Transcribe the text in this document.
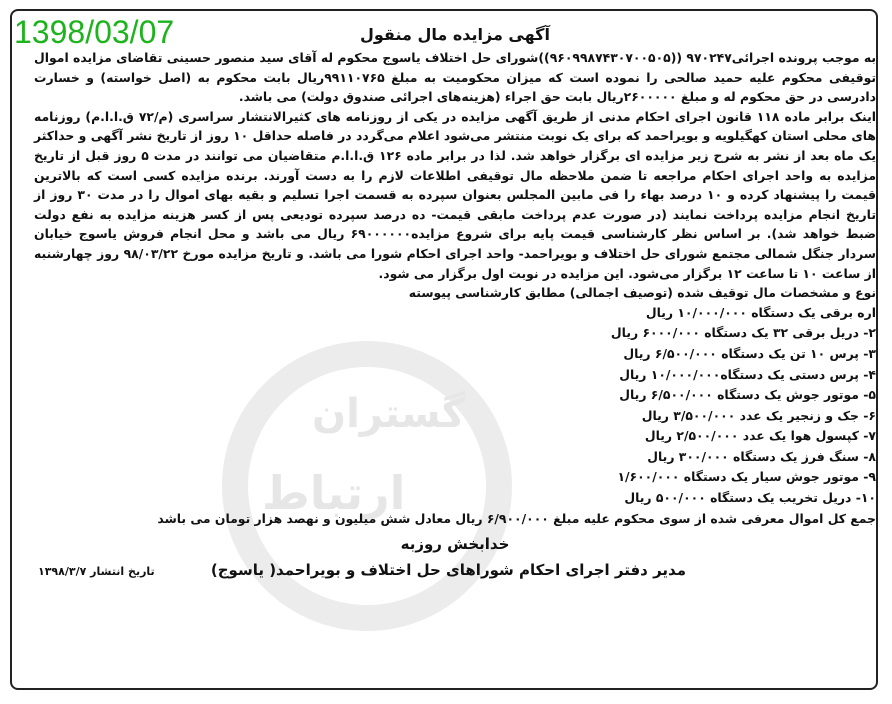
گستران
ارتباط
آگهی مزایده مال منقول
به موجب پرونده اجرائی۹۷۰۲۴۷ ((۹۶۰۹۹۸۷۴۳۰۷۰۰۵۰۵))شورای حل اختلاف یاسوج محکوم له آقای سید منصور حسینی تقاضای مزایده اموال توقیفی محکوم علیه حمید صالحی را نموده است که میزان محکومیت به مبلغ ۹۹۱۱۰۷۶۵ریال بابت محکوم به (اصل خواسته) و خسارت دادرسی در حق محکوم له و مبلغ ۲۶۰۰۰۰۰ریال بابت حق اجراء (هزینه‌های اجرائی صندوق دولت) می باشد.
اینک برابر ماده ۱۱۸ قانون اجرای احکام مدنی از طریق آگهی مزایده در یکی از روزنامه های کثیرالانتشار سراسری (م/۷۲ ق.ا.ا.م) روزنامه های محلی استان کهگیلویه و بویراحمد که برای یک نوبت منتشر می‌شود اعلام می‌گردد در فاصله حداقل ۱۰ روز از تاریخ نشر آگهی و حداکثر یک ماه بعد از نشر به شرح زیر مزایده ای برگزار خواهد شد. لذا در برابر ماده ۱۲۶ ق.ا.ا.م متقاضیان می توانند در مدت ۵ روز قبل از تاریخ مزایده به واحد اجرای احکام مراجعه تا ضمن ملاحظه مال توقیفی اطلاعات لازم را به دست آورند. برنده مزایده کسی است که بالاترین قیمت را پیشنهاد کرده و ۱۰ درصد بهاء را فی مابین المجلس بعنوان سپرده به قسمت اجرا تسلیم و بقیه بهای اموال را در مدت ۳۰ روز از تاریخ انجام مزایده پرداخت نمایند (در صورت عدم پرداخت مابقی قیمت- ده درصد سپرده تودیعی پس از کسر هزینه مزایده به نفع دولت ضبط خواهد شد). بر اساس نظر کارشناسی قیمت پایه برای شروع مزایده۶۹۰۰۰۰۰۰ ریال می باشد و محل انجام فروش یاسوج خیابان سردار جنگل شمالی مجتمع شورای حل اختلاف و بویراحمد- واحد اجرای احکام شورا می باشد. و تاریخ مزایده مورخ ۹۸/۰۳/۲۲ روز چهارشنبه از ساعت ۱۰ تا ساعت ۱۲ برگزار می‌شود. این مزایده در نوبت اول برگزار می شود.
نوع و مشخصات مال توقیف شده (توصیف اجمالی) مطابق کارشناسی پیوسته
اره برقی یک دستگاه ۱۰/۰۰۰/۰۰۰ ریال
۲- دریل برقی ۳۲ یک دستگاه ۶۰۰۰/۰۰۰ ریال
۳- پرس ۱۰ تن یک دستگاه ۶/۵۰۰/۰۰۰ ریال
۴- پرس دستی یک دستگاه۱۰/۰۰۰/۰۰۰ ریال
۵- موتور جوش یک دستگاه ۶/۵۰۰/۰۰۰ ریال
۶- جک و زنجیر یک عدد ۳/۵۰۰/۰۰۰ ریال
۷- کپسول هوا یک عدد ۲/۵۰۰/۰۰۰ ریال
۸- سنگ فرز یک دستگاه ۳۰۰/۰۰۰ ریال
۹- موتور جوش سیار یک دستگاه ۱/۶۰۰/۰۰۰
۱۰- دریل تخریب یک دستگاه ۵۰۰/۰۰۰ ریال
جمع کل اموال معرفی شده از سوی محکوم علیه مبلغ ۶/۹۰۰/۰۰۰ ریال معادل شش میلیون و نهصد هزار تومان می باشد
خدابخش روزبه
مدیر دفتر اجرای احکام شوراهای حل اختلاف و بویراحمد( یاسوج)
تاریخ انتشار ۱۳۹۸/۳/۷
1398/03/07
